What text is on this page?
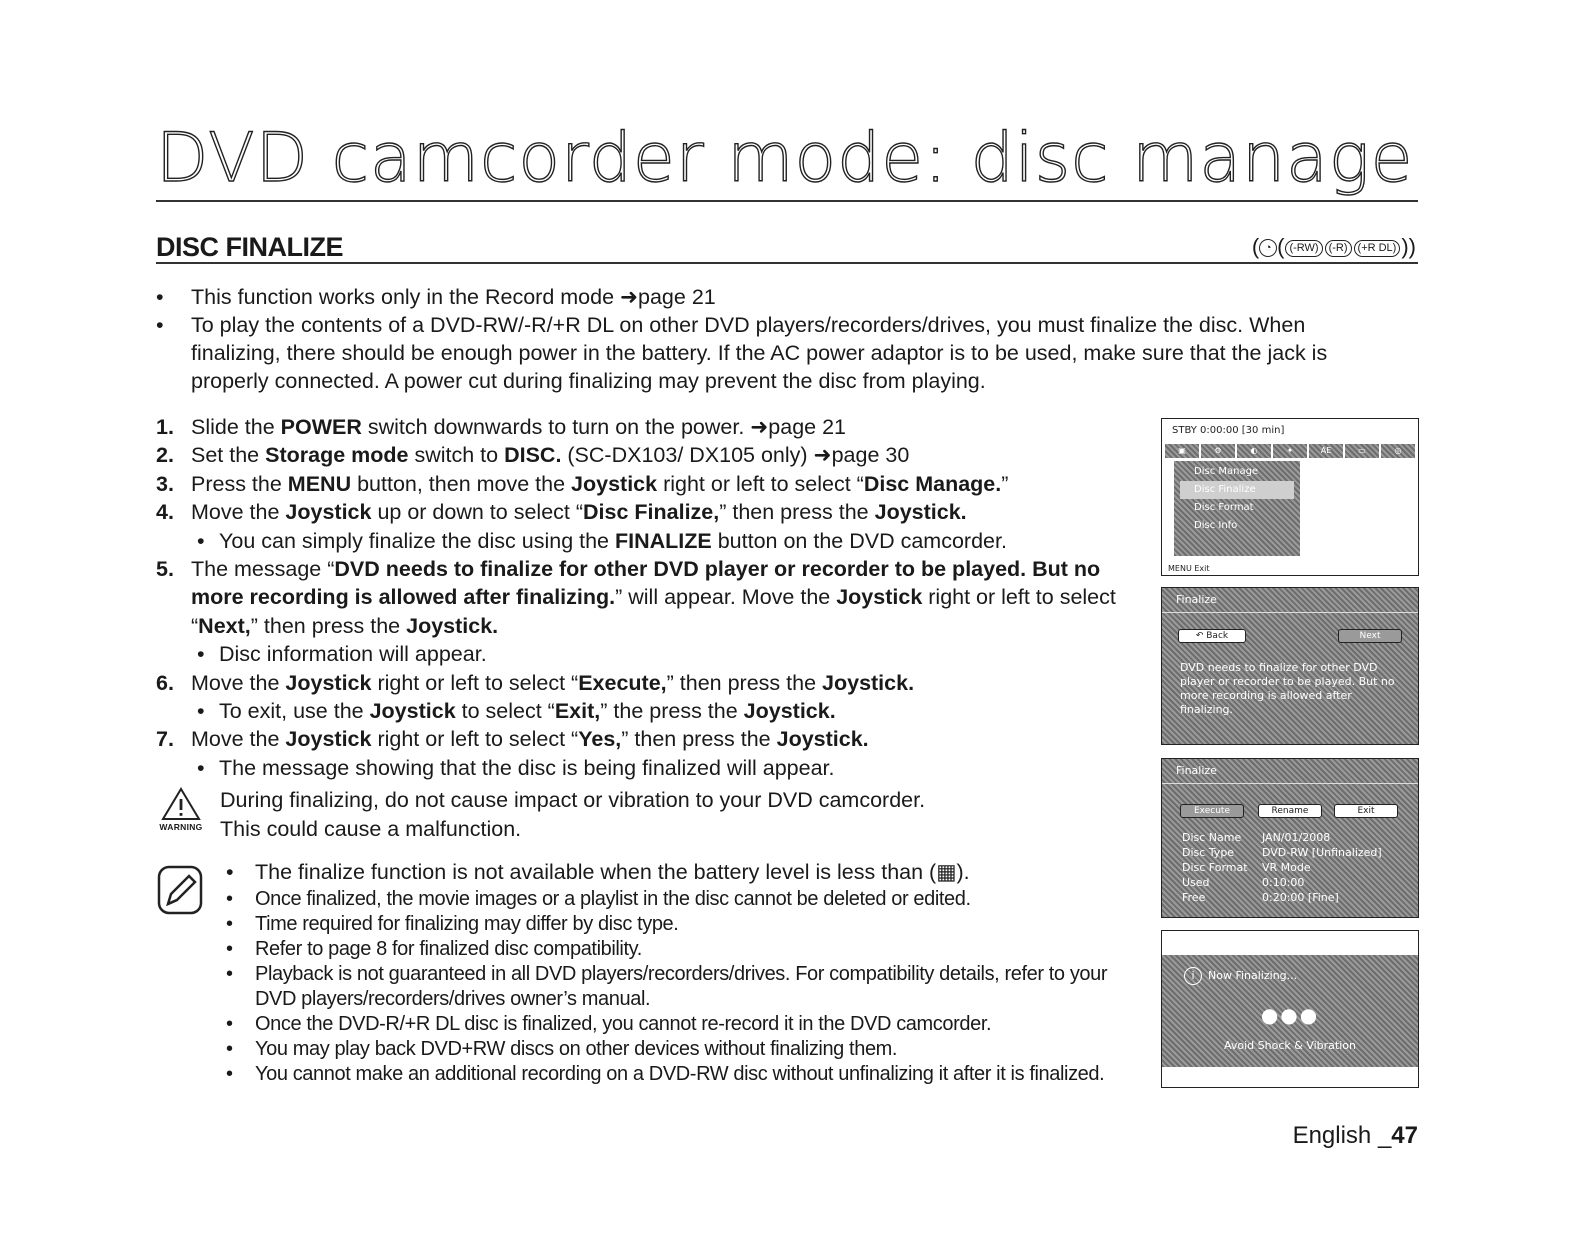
DVD camcorder mode: disc manage
DISC FINALIZE	( ◔ ( (-RW) (-R) (+R DL) ))
• This function works only in the Record mode ➜page 21
• To play the contents of a DVD-RW/-R/+R DL on other DVD players/recorders/drives, you must finalize the disc. When finalizing, there should be enough power in the battery. If the AC power adaptor is to be used, make sure that the jack is properly connected. A power cut during finalizing may prevent the disc from playing.
1. Slide the POWER switch downwards to turn on the power. ➜page 21
2. Set the Storage mode switch to DISC. (SC-DX103/ DX105 only) ➜page 30
3. Press the MENU button, then move the Joystick right or left to select “Disc Manage.”
4. Move the Joystick up or down to select “Disc Finalize,” then press the Joystick.
• You can simply finalize the disc using the FINALIZE button on the DVD camcorder.
5. The message “DVD needs to finalize for other DVD player or recorder to be played. But no more recording is allowed after finalizing.” will appear. Move the Joystick right or left to select “Next,” then press the Joystick.
• Disc information will appear.
6. Move the Joystick right or left to select “Execute,” then press the Joystick.
• To exit, use the Joystick to select “Exit,” the press the Joystick.
7. Move the Joystick right or left to select “Yes,” then press the Joystick.
• The message showing that the disc is being finalized will appear.
WARNING
During finalizing, do not cause impact or vibration to your DVD camcorder.
This could cause a malfunction.
• The finalize function is not available when the battery level is less than (▦).
• Once finalized, the movie images or a playlist in the disc cannot be deleted or edited.
• Time required for finalizing may differ by disc type.
• Refer to page 8 for finalized disc compatibility.
• Playback is not guaranteed in all DVD players/recorders/drives. For compatibility details, refer to your DVD players/recorders/drives owner’s manual.
• Once the DVD-R/+R DL disc is finalized, you cannot re-record it in the DVD camcorder.
• You may play back DVD+RW discs on other devices without finalizing them.
• You cannot make an additional recording on a DVD-RW disc without unfinalizing it after it is finalized.
STBY 0:00:00 [30 min]
▣	⚙	◐	✦	AE	▭	◎
Disc Manage
Disc Finalize
Disc Format
Disc Info
MENU Exit
Finalize
↶ Back	Next
DVD needs to finalize for other DVD player or recorder to be played. But no more recording is allowed after finalizing.
Finalize
Execute	Rename	Exit
Disc Name	JAN/01/2008
Disc Type	DVD-RW [Unfinalized]
Disc Format	VR Mode
Used	0:10:00
Free	0:20:00 [Fine]
i Now Finalizing...
●●●
Avoid Shock & Vibration
English _47
